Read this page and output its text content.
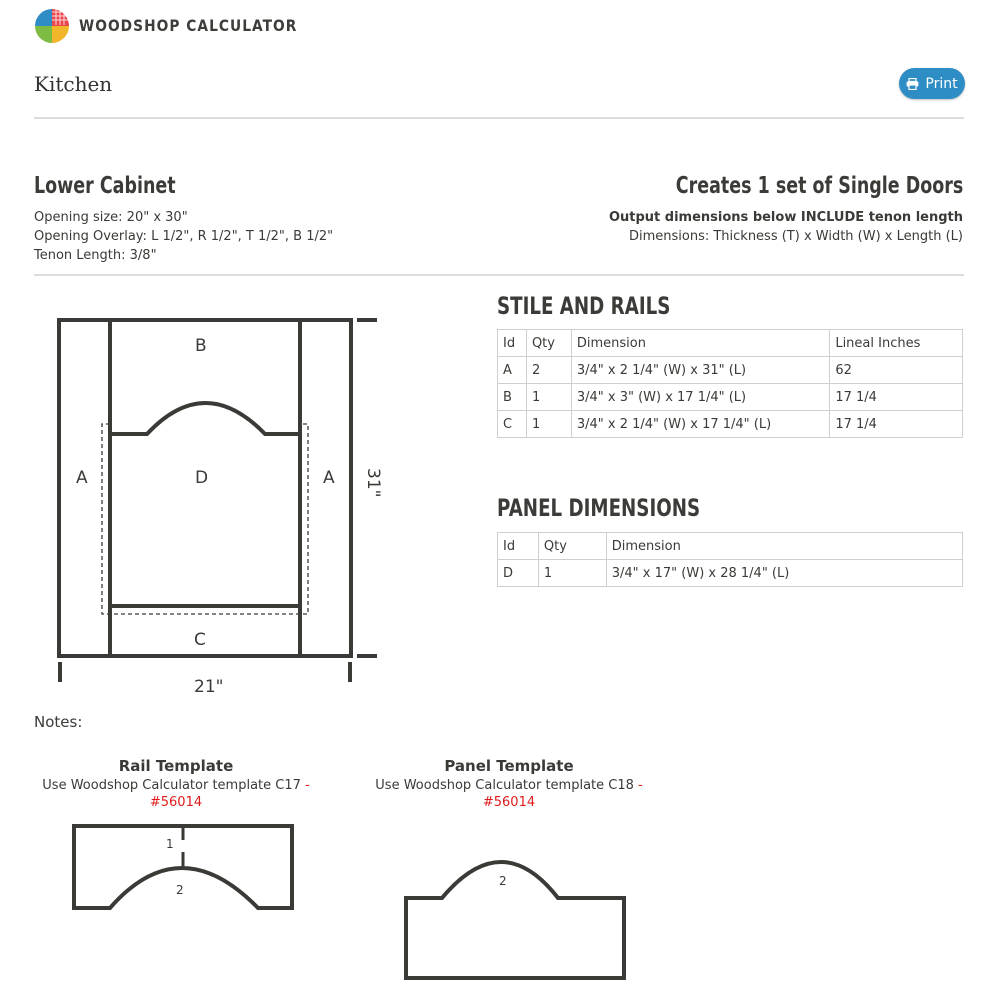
WOODSHOP CALCULATOR
Kitchen	Print
Lower Cabinet
Opening size: 20" x 30"
Opening Overlay: L 1/2", R 1/2", T 1/2", B 1/2"
Tenon Length: 3/8"
Creates 1 set of Single Doors
Output dimensions below INCLUDE tenon length
Dimensions: Thickness (T) x Width (W) x Length (L)
B
A	D	A
C
21"
31"
STILE AND RAILS
Id	Qty	Dimension	Lineal Inches
A	2	3/4" x 2 1/4" (W) x 31" (L)	62
B	1	3/4" x 3" (W) x 17 1/4" (L)	17 1/4
C	1	3/4" x 2 1/4" (W) x 17 1/4" (L)	17 1/4
PANEL DIMENSIONS
Id	Qty	Dimension
D	1	3/4" x 17" (W) x 28 1/4" (L)
Notes:
Rail Template
Use Woodshop Calculator template C17 -
#56014
1
2
Panel Template
Use Woodshop Calculator template C18 -
#56014
2
